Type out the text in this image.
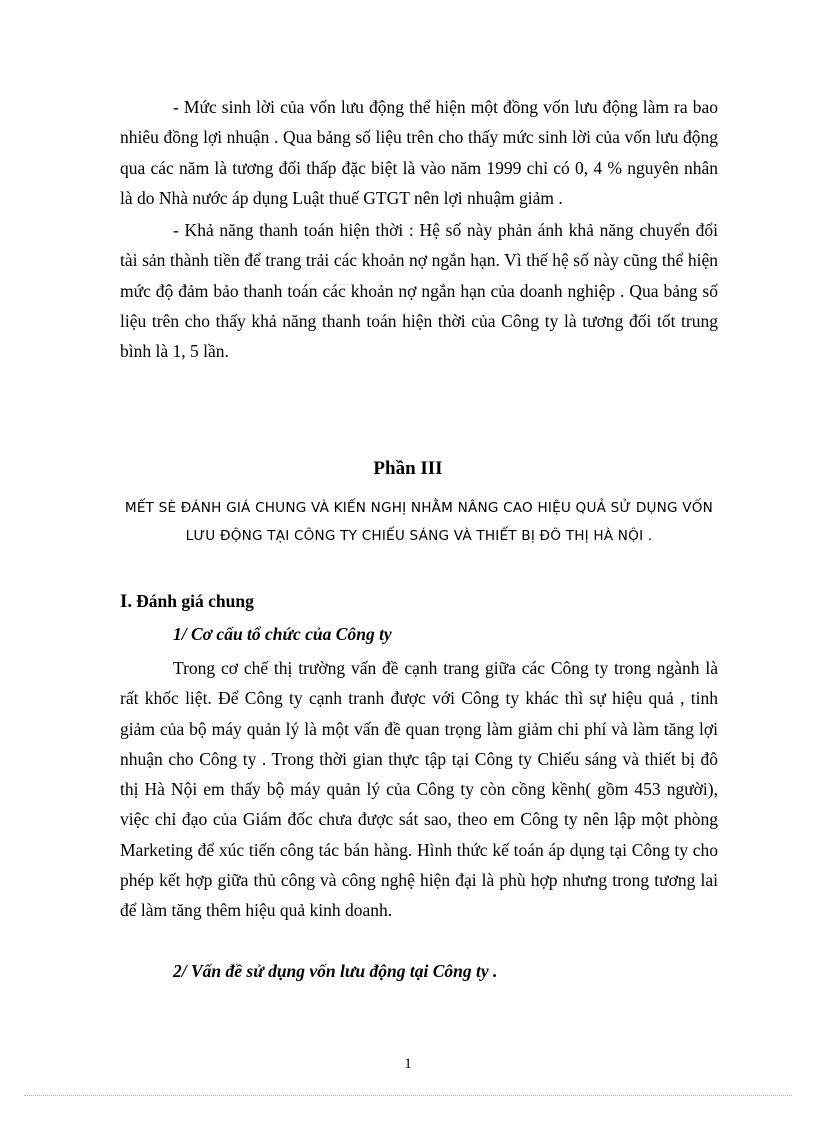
- Mức sinh lời của vốn lưu động thể hiện một đồng vốn lưu động làm ra bao nhiêu đồng lợi nhuận . Qua bảng số liệu trên cho thấy mức sinh lời của vốn lưu động qua các năm là tương đối thấp đặc biệt là vào năm 1999 chỉ có 0, 4 % nguyên nhân là do Nhà nước áp dụng Luật thuế GTGT nên lợi nhuậm giảm .

- Khả năng thanh toán hiện thời : Hệ số này phản ánh khả năng chuyển đổi tài sản thành tiền để trang trải các khoản nợ ngắn hạn. Vì thế hệ số này cũng thể hiện mức độ đảm bảo thanh toán các khoản nợ ngắn hạn của doanh nghiệp . Qua bảng số liệu trên cho thấy khả năng thanh toán hiện thời của Công ty là tương đối tốt trung bình là 1, 5 lần.

Phần III
MẾT SÈ ĐÁNH GIÁ CHUNG VÀ KIẾN NGHỊ NHẰM NÂNG CAO HIỆU QUẢ SỬ DỤNG VỐN LƯU ĐỘNG TẠI CÔNG TY CHIẾU SÁNG VÀ THIẾT BỊ ĐÔ THỊ HÀ NỘI .
I. Đánh giá chung
1/ Cơ cấu tổ chức của Công ty

Trong cơ chế thị trường vấn đề cạnh trang giữa các Công ty trong ngành là rất khốc liệt. Để Công ty cạnh tranh được với Công ty khác thì sự hiệu quả , tinh giảm của bộ máy quản lý là một vấn đề quan trọng làm giảm chi phí và làm tăng lợi nhuận cho Công ty . Trong thời gian thực tập tại Công ty Chiếu sáng và thiết bị đô thị Hà Nội em thấy bộ máy quản lý của Công ty còn cồng kềnh( gồm 453 người), việc chỉ đạo của Giám đốc chưa được sát sao, theo em Công ty nên lập một phòng Marketing để xúc tiến công tác bán hàng. Hình thức kế toán áp dụng tại Công ty cho phép kết hợp giữa thủ công và công nghệ hiện đại là phù hợp nhưng trong tương lai để làm tăng thêm hiệu quả kinh doanh.

2/ Vấn đề sử dụng vốn lưu động tại Công ty .
1
